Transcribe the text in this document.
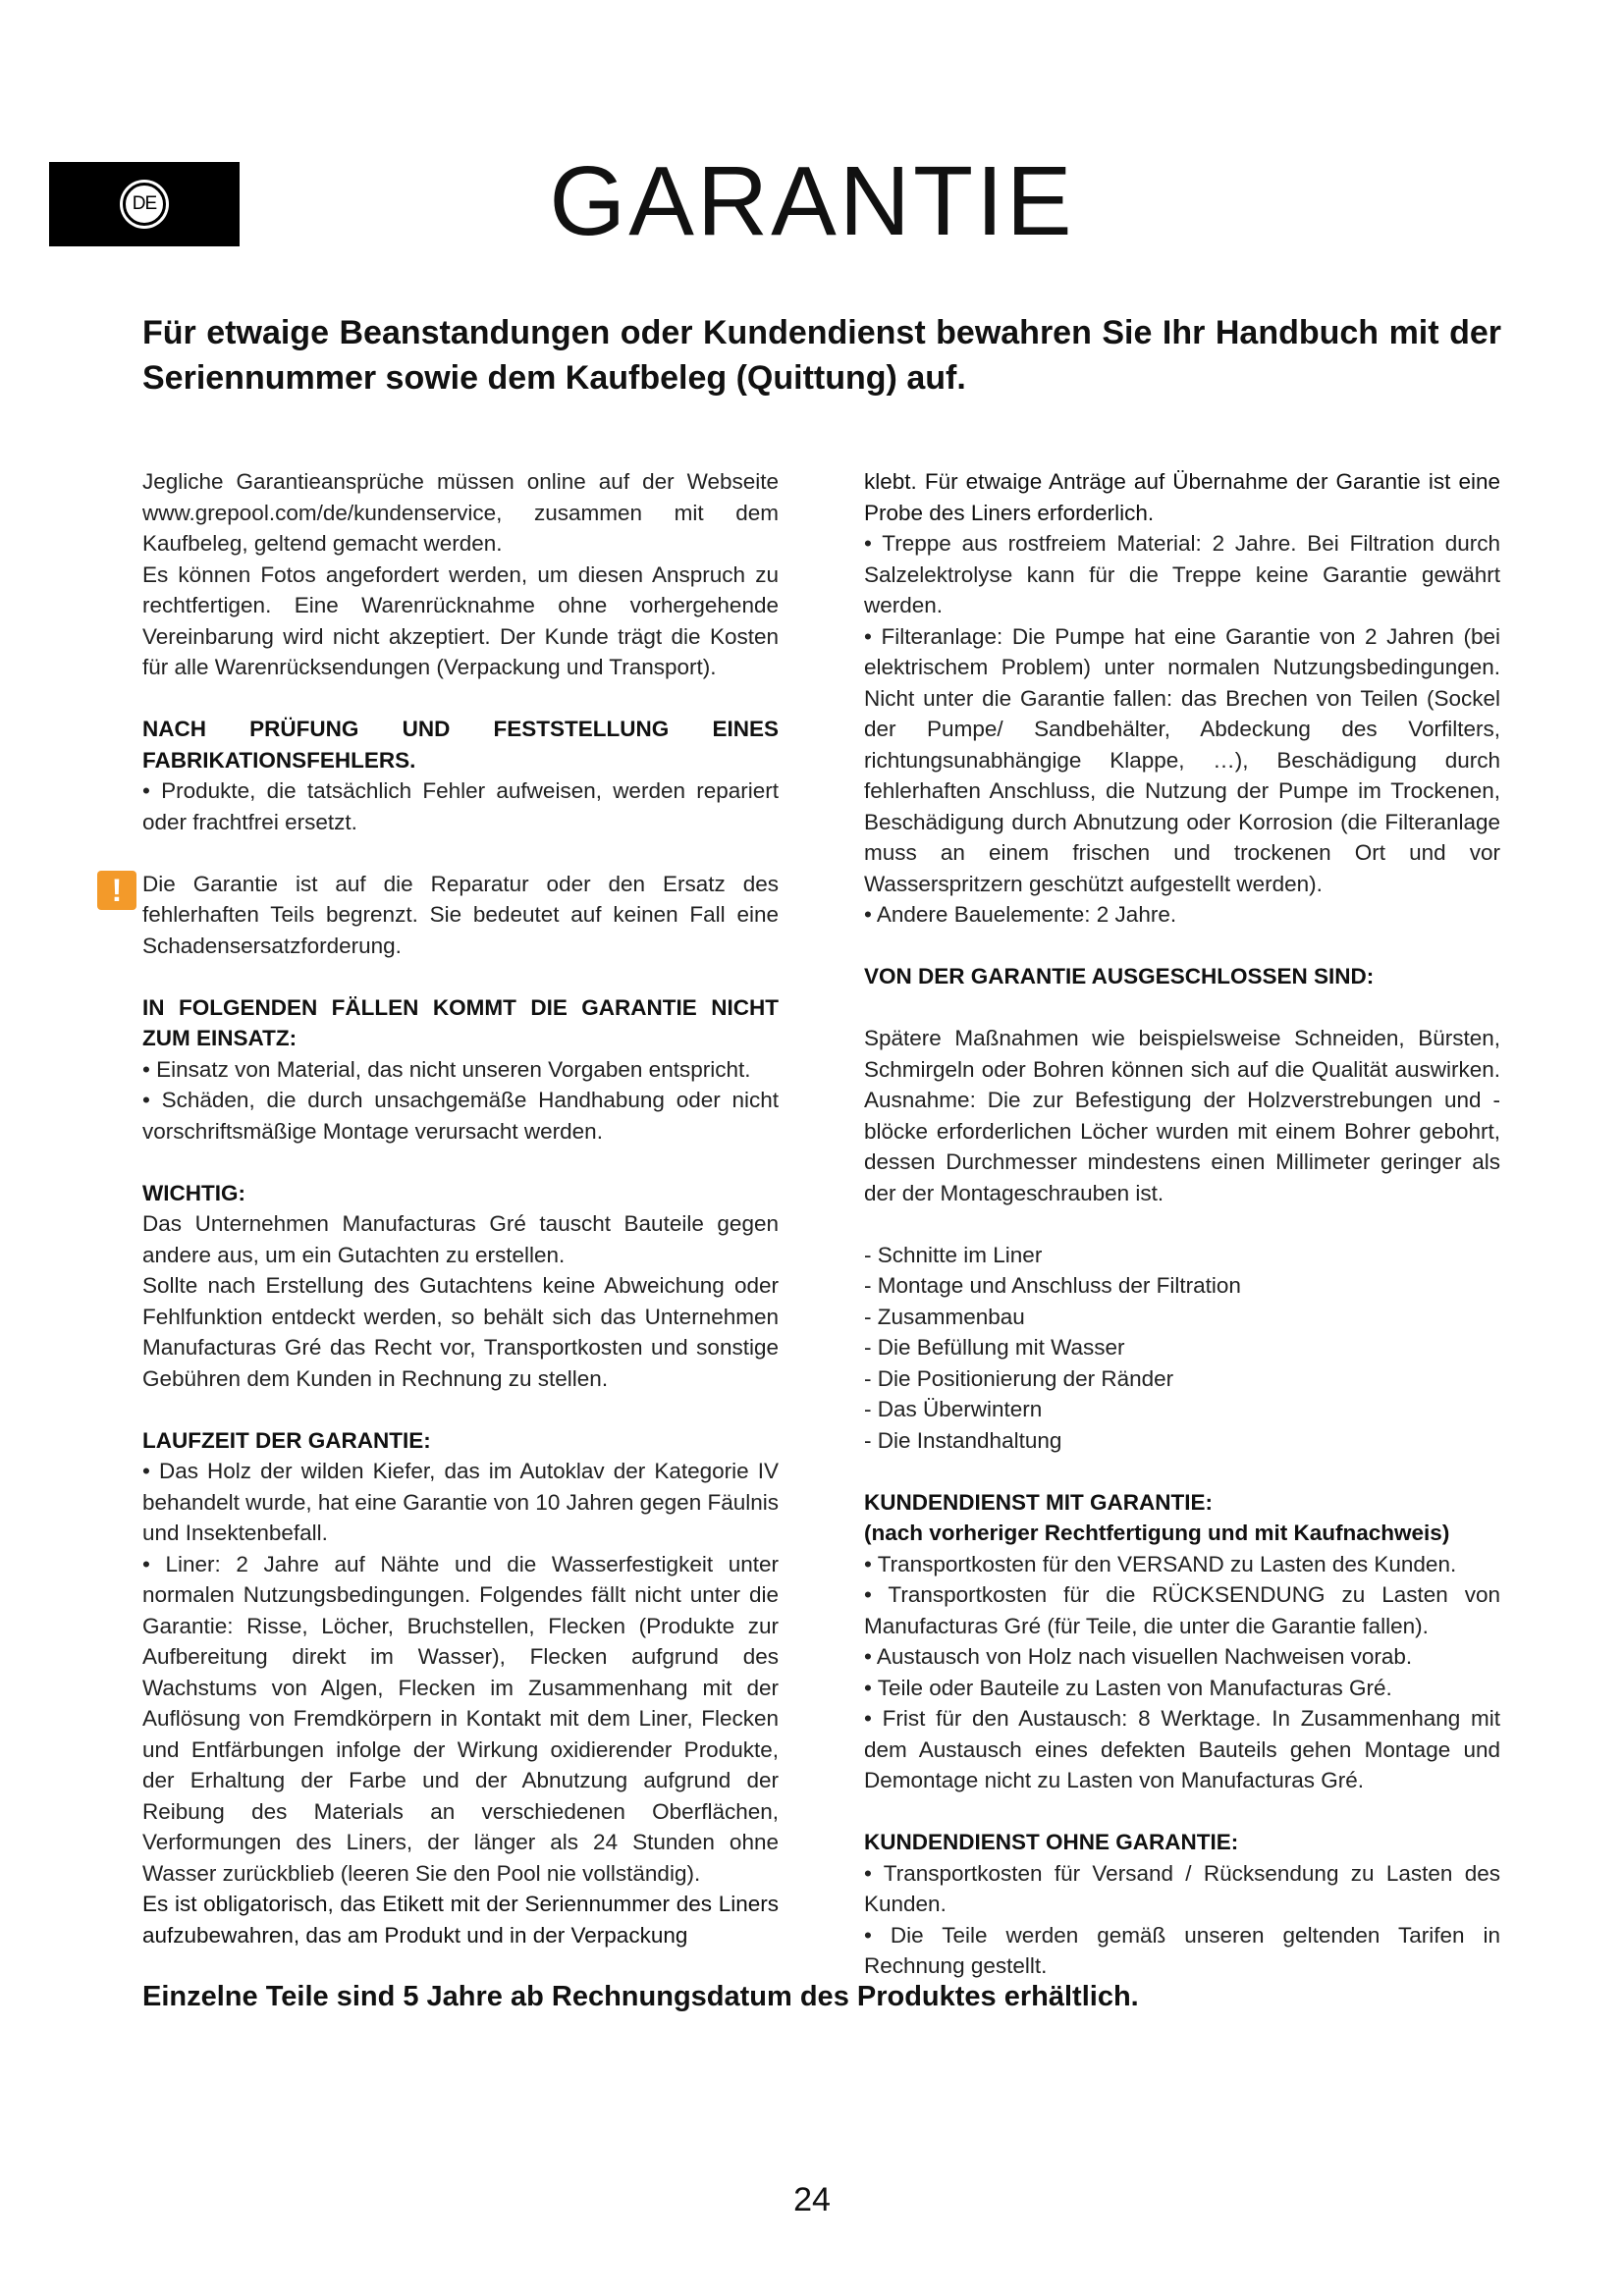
DE	GARANTIE

Für etwaige Beanstandungen oder Kundendienst bewahren Sie Ihr Handbuch mit der Seriennummer sowie dem Kaufbeleg (Quittung) auf.

Jegliche Garantieansprüche müssen online auf der Webseite www.grepool.com/de/kundenservice, zusammen mit dem Kaufbeleg, geltend gemacht werden.

Es können Fotos angefordert werden, um diesen Anspruch zu rechtfertigen. Eine Warenrücknahme ohne vorhergehende Vereinbarung wird nicht akzeptiert. Der Kunde trägt die Kosten für alle Warenrücksendungen (Verpackung und Transport).

NACH PRÜFUNG UND FESTSTELLUNG EINES FABRIKATIONSFEHLERS.

• Produkte, die tatsächlich Fehler aufweisen, werden repariert oder frachtfrei ersetzt.

! Die Garantie ist auf die Reparatur oder den Ersatz des fehlerhaften Teils begrenzt. Sie bedeutet auf keinen Fall eine Schadensersatzforderung.

IN FOLGENDEN FÄLLEN KOMMT DIE GARANTIE NICHT ZUM EINSATZ:

• Einsatz von Material, das nicht unseren Vorgaben entspricht.

• Schäden, die durch unsachgemäße Handhabung oder nicht vorschriftsmäßige Montage verursacht werden.

WICHTIG:

Das Unternehmen Manufacturas Gré tauscht Bauteile gegen andere aus, um ein Gutachten zu erstellen.

Sollte nach Erstellung des Gutachtens keine Abweichung oder Fehlfunktion entdeckt werden, so behält sich das Unternehmen Manufacturas Gré das Recht vor, Transportkosten und sonstige Gebühren dem Kunden in Rechnung zu stellen.

LAUFZEIT DER GARANTIE:

• Das Holz der wilden Kiefer, das im Autoklav der Kategorie IV behandelt wurde, hat eine Garantie von 10 Jahren gegen Fäulnis und Insektenbefall.

• Liner: 2 Jahre auf Nähte und die Wasserfestigkeit unter normalen Nutzungsbedingungen. Folgendes fällt nicht unter die Garantie: Risse, Löcher, Bruchstellen, Flecken (Produkte zur Aufbereitung direkt im Wasser), Flecken aufgrund des Wachstums von Algen, Flecken im Zusammenhang mit der Auflösung von Fremdkörpern in Kontakt mit dem Liner, Flecken und Entfärbungen infolge der Wirkung oxidierender Produkte, der Erhaltung der Farbe und der Abnutzung aufgrund der Reibung des Materials an verschiedenen Oberflächen, Verformungen des Liners, der länger als 24 Stunden ohne Wasser zurückblieb (leeren Sie den Pool nie vollständig).

Es ist obligatorisch, das Etikett mit der Seriennummer des Liners aufzubewahren, das am Produkt und in der Verpackung

klebt. Für etwaige Anträge auf Übernahme der Garantie ist eine Probe des Liners erforderlich.

• Treppe aus rostfreiem Material: 2 Jahre. Bei Filtration durch Salzelektrolyse kann für die Treppe keine Garantie gewährt werden.

• Filteranlage: Die Pumpe hat eine Garantie von 2 Jahren (bei elektrischem Problem) unter normalen Nutzungsbedingungen. Nicht unter die Garantie fallen: das Brechen von Teilen (Sockel der Pumpe/ Sandbehälter, Abdeckung des Vorfilters, richtungsunabhängige Klappe, …), Beschädigung durch fehlerhaften Anschluss, die Nutzung der Pumpe im Trockenen, Beschädigung durch Abnutzung oder Korrosion (die Filteranlage muss an einem frischen und trockenen Ort und vor Wasserspritzern geschützt aufgestellt werden).

• Andere Bauelemente: 2 Jahre.

VON DER GARANTIE AUSGESCHLOSSEN SIND:

Spätere Maßnahmen wie beispielsweise Schneiden, Bürsten, Schmirgeln oder Bohren können sich auf die Qualität auswirken. Ausnahme: Die zur Befestigung der Holzverstrebungen und -blöcke erforderlichen Löcher wurden mit einem Bohrer gebohrt, dessen Durchmesser mindestens einen Millimeter geringer als der der Montageschrauben ist.

- Schnitte im Liner

- Montage und Anschluss der Filtration

- Zusammenbau

- Die Befüllung mit Wasser

- Die Positionierung der Ränder

- Das Überwintern

- Die Instandhaltung

KUNDENDIENST MIT GARANTIE:

(nach vorheriger Rechtfertigung und mit Kaufnachweis)

• Transportkosten für den VERSAND zu Lasten des Kunden.

• Transportkosten für die RÜCKSENDUNG zu Lasten von Manufacturas Gré (für Teile, die unter die Garantie fallen).

• Austausch von Holz nach visuellen Nachweisen vorab.

• Teile oder Bauteile zu Lasten von Manufacturas Gré.

• Frist für den Austausch: 8 Werktage. In Zusammenhang mit dem Austausch eines defekten Bauteils gehen Montage und Demontage nicht zu Lasten von Manufacturas Gré.

KUNDENDIENST OHNE GARANTIE:

• Transportkosten für Versand / Rücksendung zu Lasten des Kunden.

• Die Teile werden gemäß unseren geltenden Tarifen in Rechnung gestellt.

Einzelne Teile sind 5 Jahre ab Rechnungsdatum des Produktes erhältlich.

24
